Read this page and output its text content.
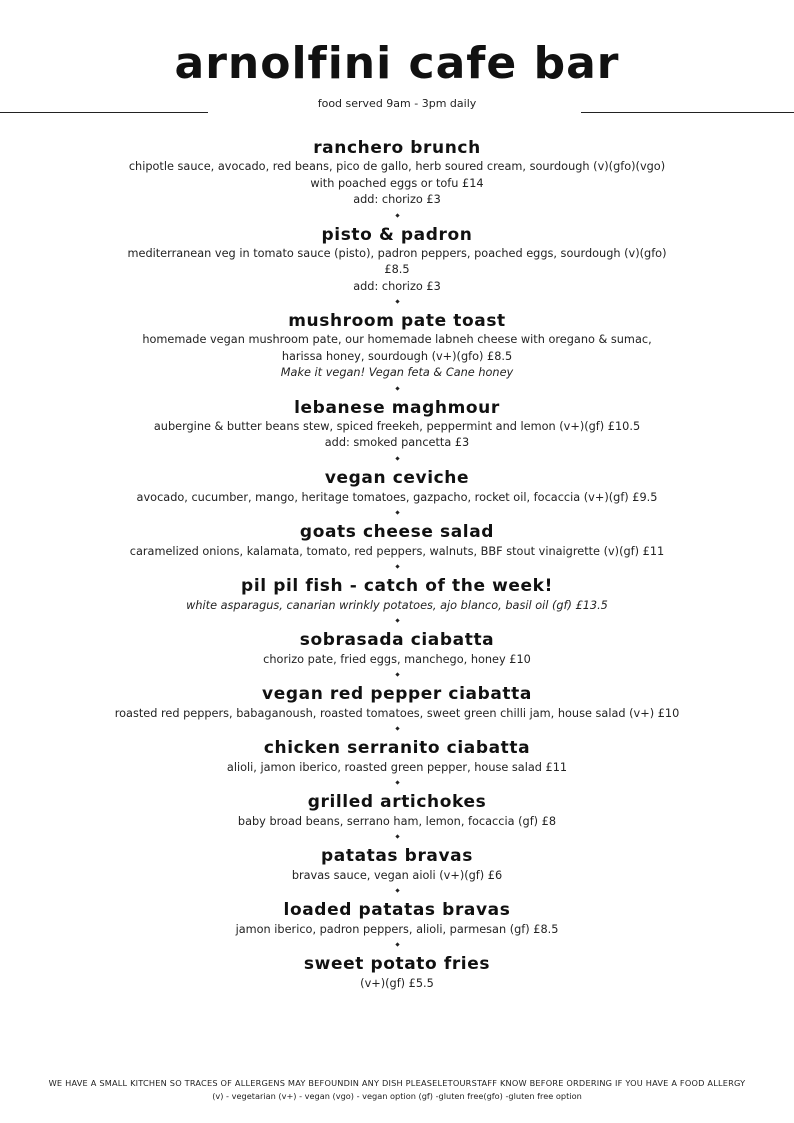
arnolfini cafe bar
food served 9am - 3pm daily
ranchero brunch

chipotle sauce, avocado, red beans, pico de gallo, herb soured cream, sourdough (v)(gfo)(vgo)

with poached eggs or tofu £14

add: chorizo £3

pisto & padron

mediterranean veg in tomato sauce (pisto), padron peppers, poached eggs, sourdough (v)(gfo)

£8.5

add: chorizo £3

mushroom pate toast

homemade vegan mushroom pate, our homemade labneh cheese with oregano & sumac,

harissa honey, sourdough (v+)(gfo) £8.5

Make it vegan! Vegan feta & Cane honey

lebanese maghmour

aubergine & butter beans stew, spiced freekeh, peppermint and lemon (v+)(gf) £10.5

add: smoked pancetta £3

vegan ceviche

avocado, cucumber, mango, heritage tomatoes, gazpacho, rocket oil, focaccia (v+)(gf) £9.5

goats cheese salad

caramelized onions, kalamata, tomato, red peppers, walnuts, BBF stout vinaigrette (v)(gf) £11

pil pil fish - catch of the week!

white asparagus, canarian wrinkly potatoes, ajo blanco, basil oil (gf) £13.5

sobrasada ciabatta

chorizo pate, fried eggs, manchego, honey £10

vegan red pepper ciabatta

roasted red peppers, babaganoush, roasted tomatoes, sweet green chilli jam, house salad (v+) £10

chicken serranito ciabatta

alioli, jamon iberico, roasted green pepper, house salad £11

grilled artichokes

baby broad beans, serrano ham, lemon, focaccia (gf) £8

patatas bravas

bravas sauce, vegan aioli (v+)(gf) £6

loaded patatas bravas

jamon iberico, padron peppers, alioli, parmesan (gf) £8.5

sweet potato fries

(v+)(gf) £5.5

WE HAVE A SMALL KITCHEN SO TRACES OF ALLERGENS MAY BEFOUNDIN ANY DISH PLEASELETOURSTAFF KNOW BEFORE ORDERING IF YOU HAVE A FOOD ALLERGY

(v) - vegetarian (v+) - vegan (vgo) - vegan option (gf) -gluten free(gfo) -gluten free option
